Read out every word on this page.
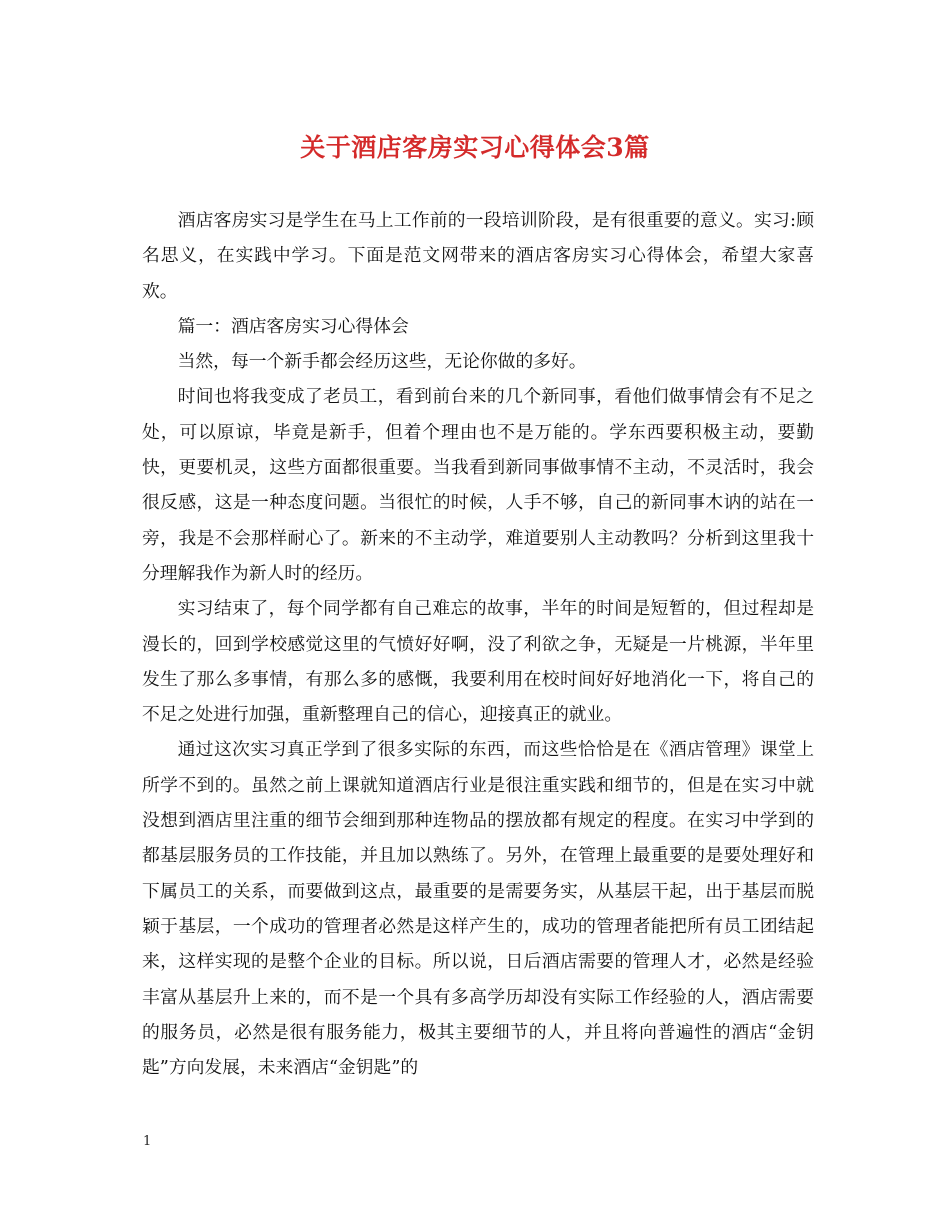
关于酒店客房实习心得体会3篇

酒店客房实习是学生在马上工作前的一段培训阶段，是有很重要的意义。实习:顾名思义，在实践中学习。下面是范文网带来的酒店客房实习心得体会，希望大家喜欢。

篇一：酒店客房实习心得体会

当然，每一个新手都会经历这些，无论你做的多好。

时间也将我变成了老员工，看到前台来的几个新同事，看他们做事情会有不足之处，可以原谅，毕竟是新手，但着个理由也不是万能的。学东西要积极主动，要勤快，更要机灵，这些方面都很重要。当我看到新同事做事情不主动，不灵活时，我会很反感，这是一种态度问题。当很忙的时候，人手不够，自己的新同事木讷的站在一旁，我是不会那样耐心了。新来的不主动学，难道要别人主动教吗？分析到这里我十分理解我作为新人时的经历。

实习结束了，每个同学都有自己难忘的故事，半年的时间是短暂的，但过程却是漫长的，回到学校感觉这里的气愤好好啊，没了利欲之争，无疑是一片桃源，半年里发生了那么多事情，有那么多的感慨，我要利用在校时间好好地消化一下，将自己的不足之处进行加强，重新整理自己的信心，迎接真正的就业。

通过这次实习真正学到了很多实际的东西，而这些恰恰是在《酒店管理》课堂上所学不到的。虽然之前上课就知道酒店行业是很注重实践和细节的，但是在实习中就没想到酒店里注重的细节会细到那种连物品的摆放都有规定的程度。在实习中学到的都基层服务员的工作技能，并且加以熟练了。另外，在管理上最重要的是要处理好和下属员工的关系，而要做到这点，最重要的是需要务实，从基层干起，出于基层而脱颖于基层，一个成功的管理者必然是这样产生的，成功的管理者能把所有员工团结起来，这样实现的是整个企业的目标。所以说，日后酒店需要的管理人才，必然是经验丰富从基层升上来的，而不是一个具有多高学历却没有实际工作经验的人，酒店需要的服务员，必然是很有服务能力，极其主要细节的人，并且将向普遍性的酒店“金钥匙”方向发展，未来酒店“金钥匙”的

1
